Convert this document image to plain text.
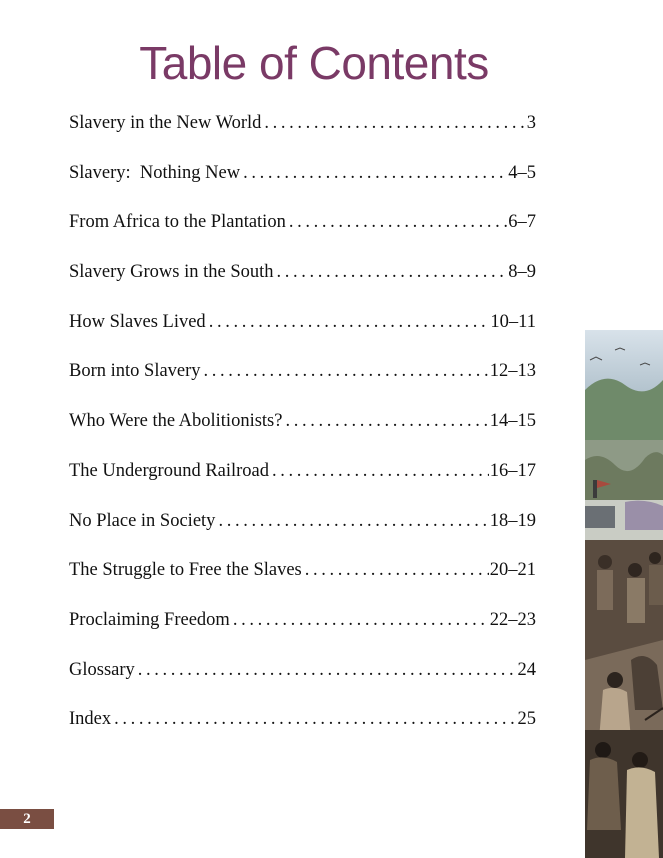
Table of Contents
Slavery in the New World . . .	3
Slavery:  Nothing New . . .	4–5
From Africa to the Plantation . . .	6–7
Slavery Grows in the South . . .	8–9
How Slaves Lived . . .	10–11
Born into Slavery . . .	12–13
Who Were the Abolitionists? . . .	14–15
The Underground Railroad . . .	16–17
No Place in Society . . .	18–19
The Struggle to Free the Slaves . . .	20–21
Proclaiming Freedom . . .	22–23
Glossary . . .	24
Index . . .	25
2
